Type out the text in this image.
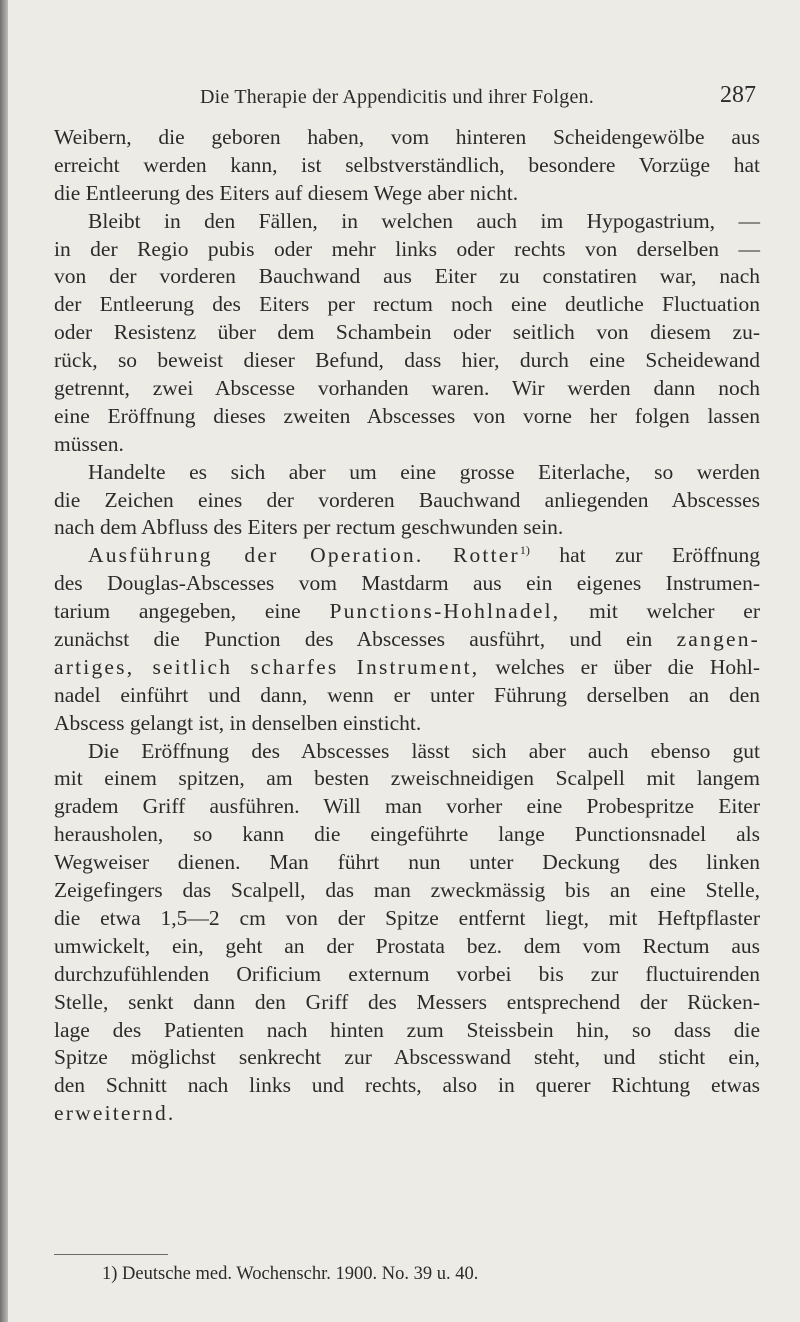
Die Therapie der Appendicitis und ihrer Folgen.	287
Weibern, die geboren haben, vom hinteren Scheidengewölbe aus
erreicht werden kann, ist selbstverständlich, besondere Vorzüge hat
die Entleerung des Eiters auf diesem Wege aber nicht.
Bleibt in den Fällen, in welchen auch im Hypogastrium, —
in der Regio pubis oder mehr links oder rechts von derselben —
von der vorderen Bauchwand aus Eiter zu constatiren war, nach
der Entleerung des Eiters per rectum noch eine deutliche Fluctuation
oder Resistenz über dem Schambein oder seitlich von diesem zu-
rück, so beweist dieser Befund, dass hier, durch eine Scheidewand
getrennt, zwei Abscesse vorhanden waren. Wir werden dann noch
eine Eröffnung dieses zweiten Abscesses von vorne her folgen lassen
müssen.
Handelte es sich aber um eine grosse Eiterlache, so werden
die Zeichen eines der vorderen Bauchwand anliegenden Abscesses
nach dem Abfluss des Eiters per rectum geschwunden sein.
Ausführung der Operation. Rotter$^{1)}$ hat zur Eröffnung
des Douglas-Abscesses vom Mastdarm aus ein eigenes Instrumen-
tarium angegeben, eine Punctions-Hohlnadel, mit welcher er
zunächst die Punction des Abscesses ausführt, und ein zangen-
artiges, seitlich scharfes Instrument, welches er über die Hohl-
nadel einführt und dann, wenn er unter Führung derselben an den
Abscess gelangt ist, in denselben einsticht.
Die Eröffnung des Abscesses lässt sich aber auch ebenso gut
mit einem spitzen, am besten zweischneidigen Scalpell mit langem
gradem Griff ausführen. Will man vorher eine Probespritze Eiter
herausholen, so kann die eingeführte lange Punctionsnadel als
Wegweiser dienen. Man führt nun unter Deckung des linken
Zeigefingers das Scalpell, das man zweckmässig bis an eine Stelle,
die etwa 1,5—2 cm von der Spitze entfernt liegt, mit Heftpflaster
umwickelt, ein, geht an der Prostata bez. dem vom Rectum aus
durchzufühlenden Orificium externum vorbei bis zur fluctuirenden
Stelle, senkt dann den Griff des Messers entsprechend der Rücken-
lage des Patienten nach hinten zum Steissbein hin, so dass die
Spitze möglichst senkrecht zur Abscesswand steht, und sticht ein,
den Schnitt nach links und rechts, also in querer Richtung etwas
erweiternd.
1) Deutsche med. Wochenschr. 1900. No. 39 u. 40.
